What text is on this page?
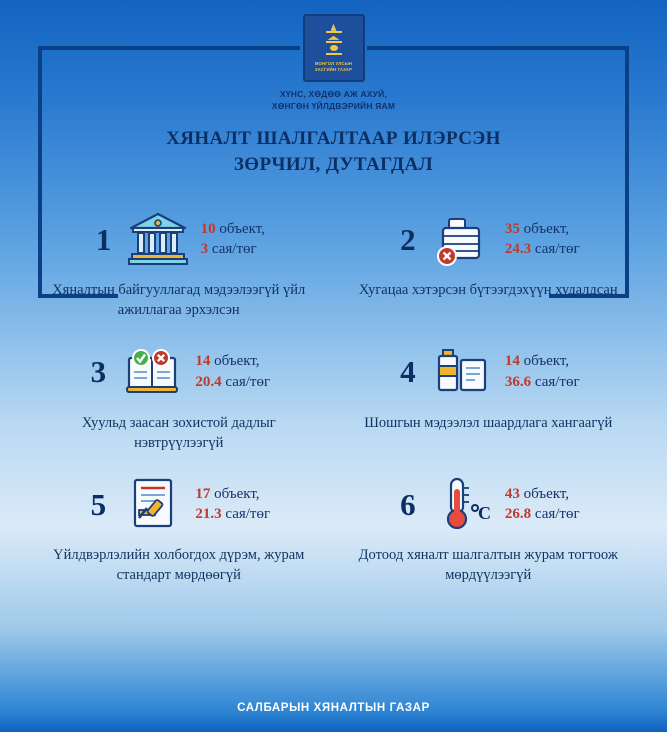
МОНГОЛ УЛСЫН
ЗАСГИЙН ГАЗАР
ХҮНС, ХӨДӨӨ АЖ АХУЙ,
ХӨНГӨН ҮЙЛДВЭРИЙН ЯАМ
ХЯНАЛТ ШАЛГАЛТААР ИЛЭРСЭН
ЗӨРЧИЛ, ДУТАГДАЛ
1	10 объект,
3 сая/төг
Хяналтын байгууллагад мэдээлээгүй үйл ажиллагаа эрхэлсэн
2	35 объект,
24.3 сая/төг
Хугацаа хэтэрсэн бүтээгдэхүүн худалдсан
3	14 объект,
20.4 сая/төг
Хуульд заасан зохистой дадлыг нэвтрүүлээгүй
4	14 объект,
36.6 сая/төг
Шошгын мэдээлэл шаардлага хангаагүй
5	17 объект,
21.3 сая/төг
Үйлдвэрлэлийн холбогдох дүрэм, журам стандарт мөрдөөгүй
6	C
43 объект,
26.8 сая/төг
Дотоод хяналт шалгалтын журам тогтоож мөрдүүлээгүй
САЛБАРЫН ХЯНАЛТЫН ГАЗАР
